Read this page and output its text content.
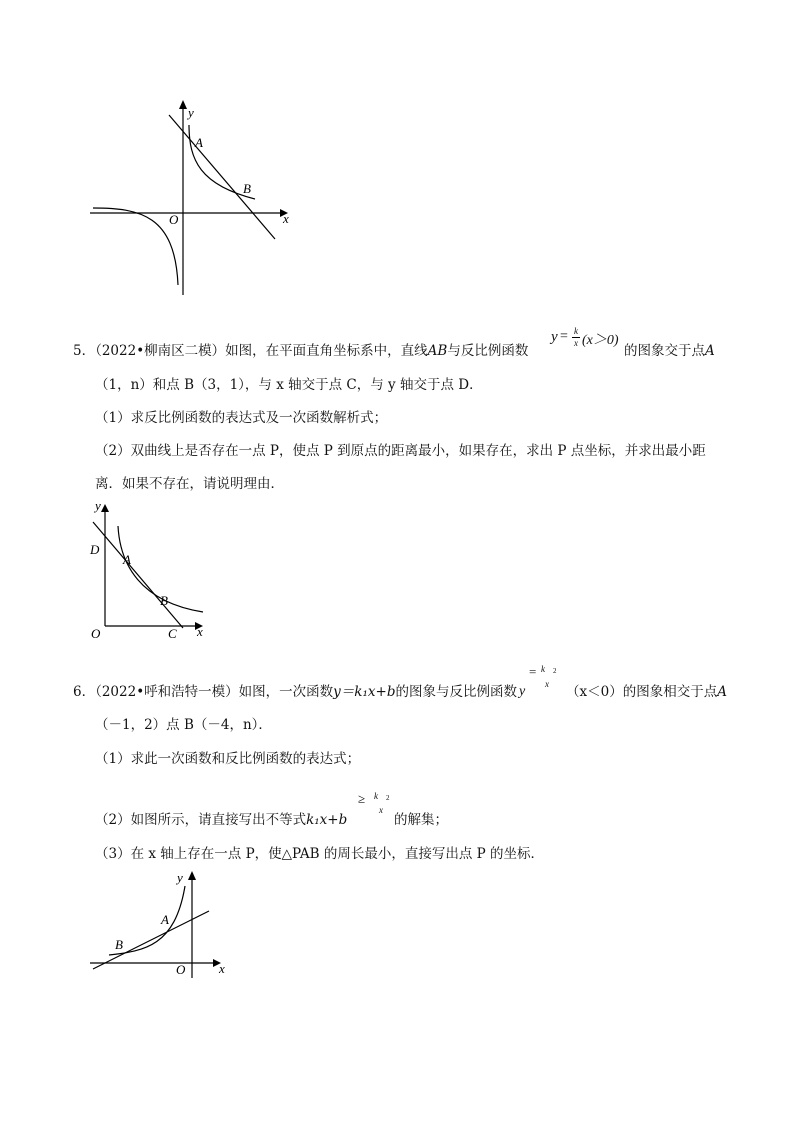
y
x
O
A
B
5．（2022•柳南区二模）如图，在平面直角坐标系中，直线AB与反比例函数
y = k
x (x＞0)
的图象交于点A
（1，n）和点 B（3，1），与 x 轴交于点 C，与 y 轴交于点 D．
（1）求反比例函数的表达式及一次函数解析式；
（2）双曲线上是否存在一点 P，使点 P 到原点的距离最小，如果存在，求出 P 点坐标，并求出最小距
离．如果不存在，请说明理由．
y
x
O
D
A
B
C
6．（2022•呼和浩特一模）如图，一次函数y＝k₁x+b的图象与反比例函数 y
= k 2
x （x＜0）的图象相交于点A
（－1，2）点 B（－4，n）．
（1）求此一次函数和反比例函数的表达式；
（2）如图所示，请直接写出不等式k₁x+b
≥ k 2
x
的解集；
（3）在 x 轴上存在一点 P，使△PAB 的周长最小，直接写出点 P 的坐标．
y
x
O
A
B
